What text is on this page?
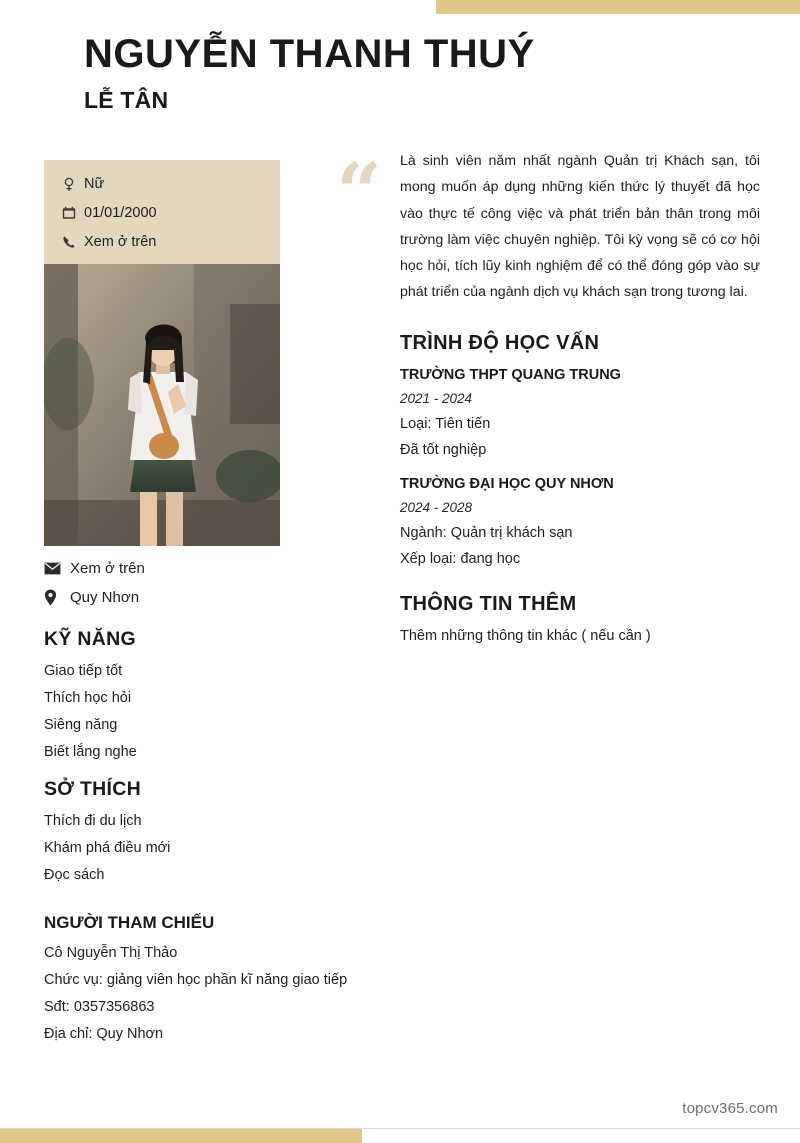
NGUYỄN THANH THUÝ
LỄ TÂN
Nữ
01/01/2000
Xem ở trên
Xem ở trên
Quy Nhơn
KỸ NĂNG
Giao tiếp tốt
Thích học hỏi
Siêng năng
Biết lắng nghe
SỞ THÍCH
Thích đi du lịch
Khám phá điều mới
Đọc sách
NGƯỜI THAM CHIẾU
Cô Nguyễn Thị Thảo
Chức vụ: giảng viên học phần kĩ năng giao tiếp
Sđt: 0357356863
Địa chỉ: Quy Nhơn
“ Là sinh viên năm nhất ngành Quản trị Khách sạn, tôi mong muốn áp dụng những kiến thức lý thuyết đã học vào thực tế công việc và phát triển bản thân trong môi trường làm việc chuyên nghiệp. Tôi kỳ vọng sẽ có cơ hội học hỏi, tích lũy kinh nghiệm để có thể đóng góp vào sự phát triển của ngành dịch vụ khách sạn trong tương lai.

TRÌNH ĐỘ HỌC VẤN
TRƯỜNG THPT QUANG TRUNG
2021 - 2024
Loại: Tiên tiến
Đã tốt nghiệp
TRƯỜNG ĐẠI HỌC QUY NHƠN
2024 - 2028
Ngành: Quản trị khách sạn
Xếp loại: đang học
THÔNG TIN THÊM
Thêm những thông tin khác ( nếu cần )
topcv365.com
